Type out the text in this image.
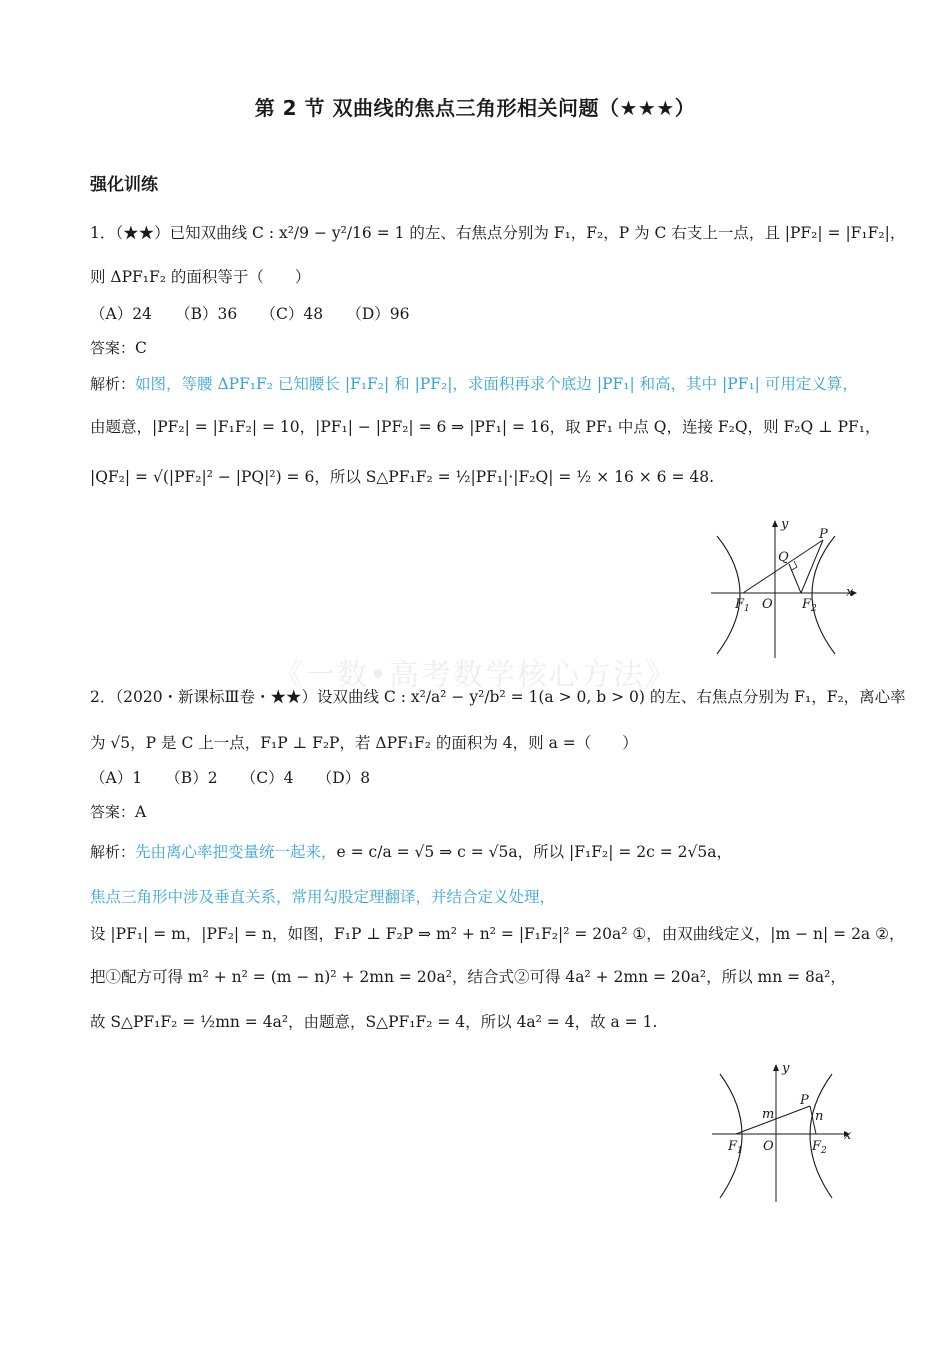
第 2 节 双曲线的焦点三角形相关问题（★★★）
强化训练
1．（★★）已知双曲线 C : x²/9 − y²/16 = 1 的左、右焦点分别为 F₁，F₂，P 为 C 右支上一点，且 |PF₂| = |F₁F₂|，
则 ΔPF₁F₂ 的面积等于（　　）
（A）24　　（B）36　　（C）48　　（D）96
答案：C
解析：如图，等腰 ΔPF₁F₂ 已知腰长 |F₁F₂| 和 |PF₂|，求面积再求个底边 |PF₁| 和高，其中 |PF₁| 可用定义算，
由题意，|PF₂| = |F₁F₂| = 10，|PF₁| − |PF₂| = 6 ⇒ |PF₁| = 16，取 PF₁ 中点 Q，连接 F₂Q，则 F₂Q ⊥ PF₁，
|QF₂| = √(|PF₂|² − |PQ|²) = 6，所以 S△PF₁F₂ = ½|PF₁|·|F₂Q| = ½ × 16 × 6 = 48.
y
x
P
Q
$F_1$ O $F_2$
《一数•高考数学核心方法》
2．（2020・新课标Ⅲ卷・★★）设双曲线 C : x²/a² − y²/b² = 1(a > 0, b > 0) 的左、右焦点分别为 F₁，F₂，离心率
为 √5，P 是 C 上一点，F₁P ⊥ F₂P，若 ΔPF₁F₂ 的面积为 4，则 a =（　　）
（A）1　　（B）2　　（C）4　　（D）8
答案：A
解析：先由离心率把变量统一起来，e = c/a = √5 ⇒ c = √5a，所以 |F₁F₂| = 2c = 2√5a，
焦点三角形中涉及垂直关系，常用勾股定理翻译，并结合定义处理，
设 |PF₁| = m，|PF₂| = n，如图，F₁P ⊥ F₂P ⇒ m² + n² = |F₁F₂|² = 20a² ①，由双曲线定义，|m − n| = 2a ②，
把①配方可得 m² + n² = (m − n)² + 2mn = 20a²，结合式②可得 4a² + 2mn = 20a²，所以 mn = 8a²，
故 S△PF₁F₂ = ½mn = 4a²，由题意，S△PF₁F₂ = 4，所以 4a² = 4，故 a = 1.
y
x
P
m	n
$F_1$ O	$F_2$
